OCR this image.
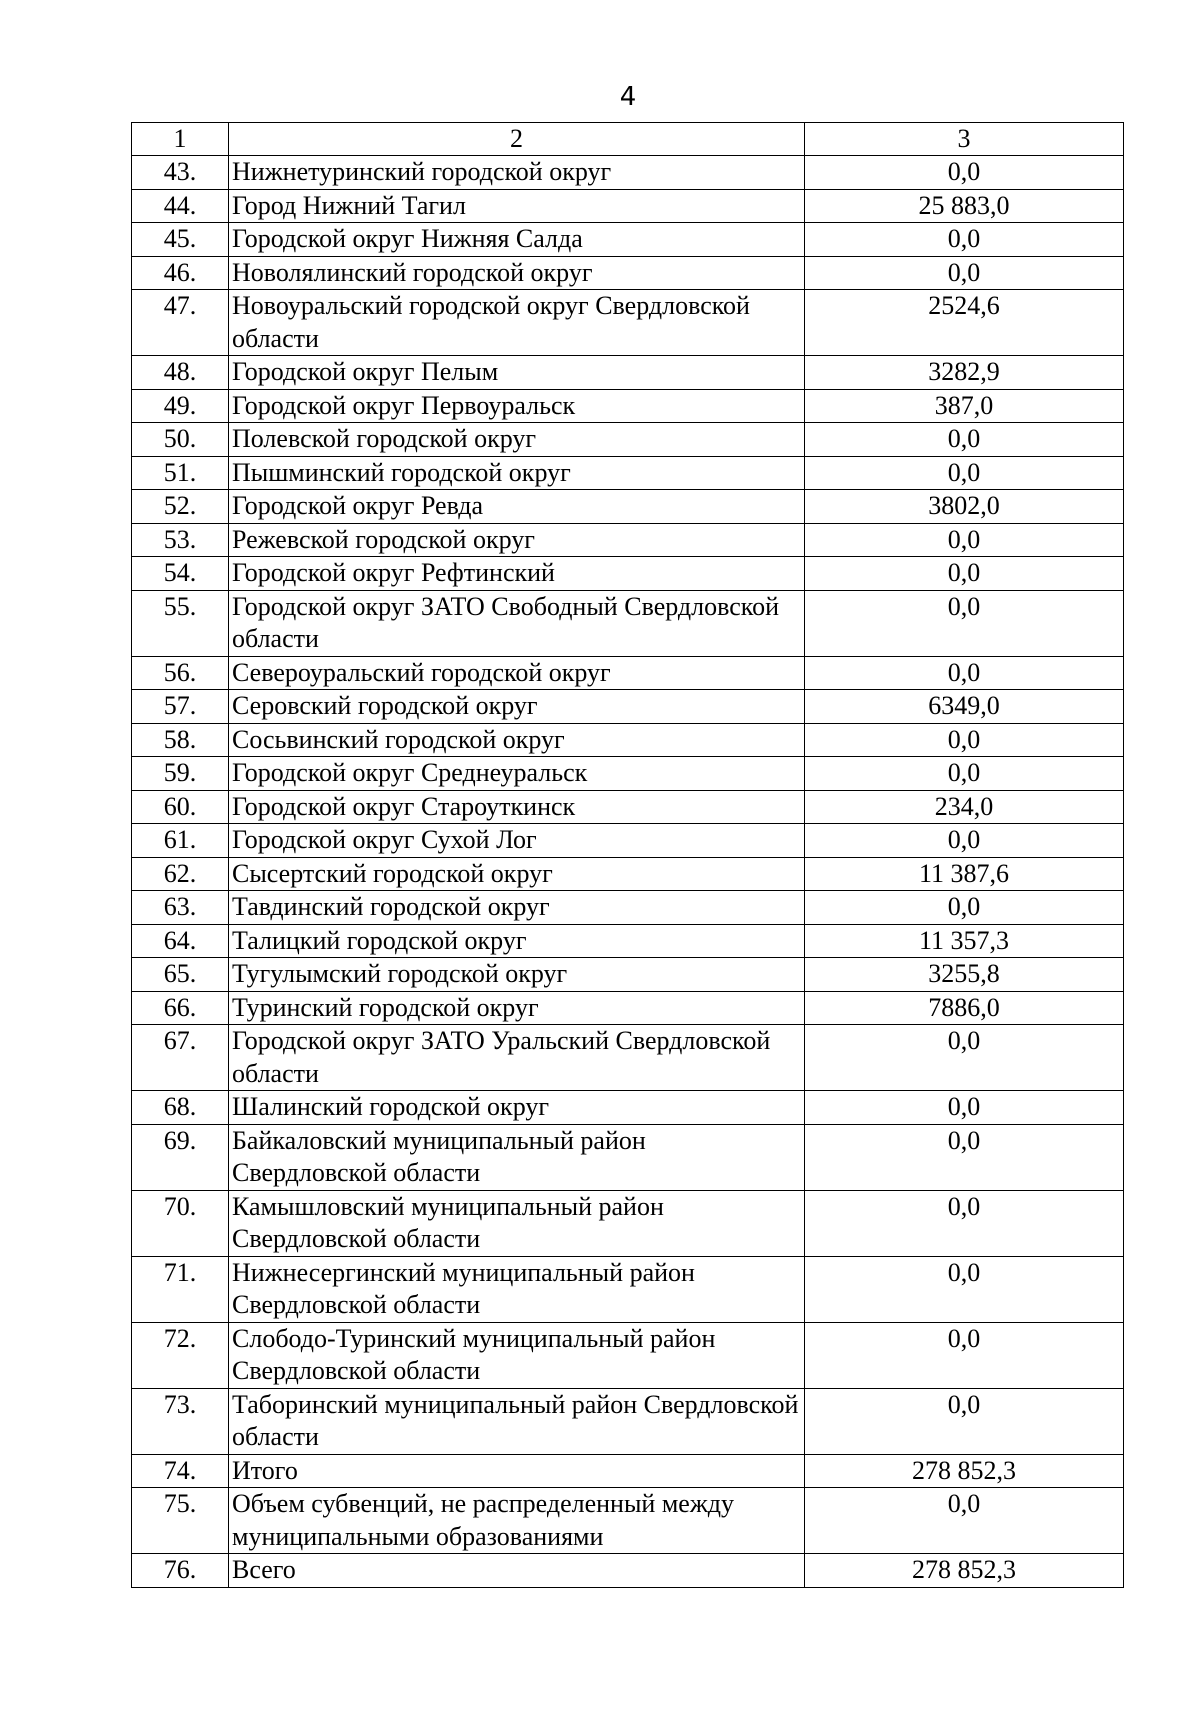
4
1	2	3
43.	Нижнетуринский городской округ	0,0
44.	Город Нижний Тагил	25 883,0
45.	Городской округ Нижняя Салда	0,0
46.	Новолялинский городской округ	0,0
47.	Новоуральский городской округ Свердловской области	2524,6
48.	Городской округ Пелым	3282,9
49.	Городской округ Первоуральск	387,0
50.	Полевской городской округ	0,0
51.	Пышминский городской округ	0,0
52.	Городской округ Ревда	3802,0
53.	Режевской городской округ	0,0
54.	Городской округ Рефтинский	0,0
55.	Городской округ ЗАТО Свободный Свердловской области	0,0
56.	Североуральский городской округ	0,0
57.	Серовский городской округ	6349,0
58.	Сосьвинский городской округ	0,0
59.	Городской округ Среднеуральск	0,0
60.	Городской округ Староуткинск	234,0
61.	Городской округ Сухой Лог	0,0
62.	Сысертский городской округ	11 387,6
63.	Тавдинский городской округ	0,0
64.	Талицкий городской округ	11 357,3
65.	Тугулымский городской округ	3255,8
66.	Туринский городской округ	7886,0
67.	Городской округ ЗАТО Уральский Свердловской области	0,0
68.	Шалинский городской округ	0,0
69.	Байкаловский муниципальный район Свердловской области	0,0
70.	Камышловский муниципальный район Свердловской области	0,0
71.	Нижнесергинский муниципальный район Свердловской области	0,0
72.	Слободо-Туринский муниципальный район Свердловской области	0,0
73.	Таборинский муниципальный район Свердловской области	0,0
74.	Итого	278 852,3
75.	Объем субвенций, не распределенный между муниципальными образованиями	0,0
76.	Всего	278 852,3
